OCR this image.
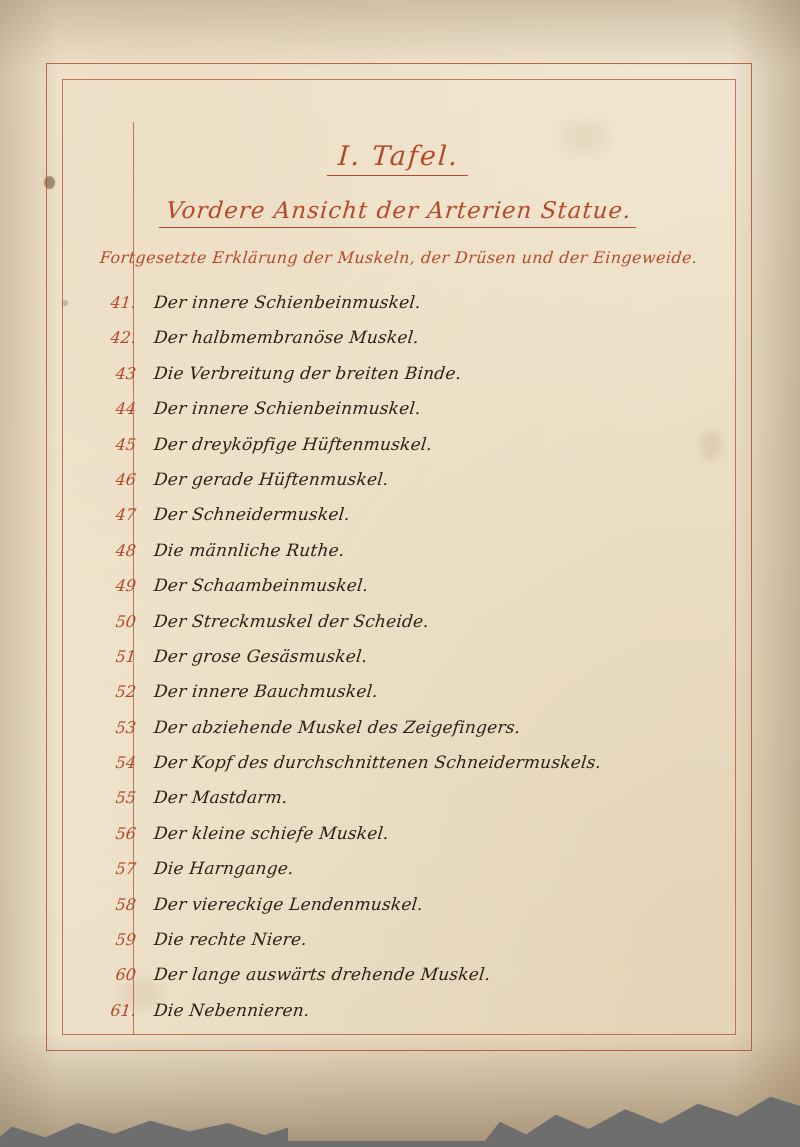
I. Tafel.
Vordere Ansicht der Arterien Statue.
Fortgesetzte Erklärung der Muskeln, der Drüsen und der Eingeweide.
41. Der innere Schienbeinmuskel.
42. Der halbmembranöse Muskel.
43 Die Verbreitung der breiten Binde.
44 Der innere Schienbeinmuskel.
45 Der dreyköpfige Hüftenmuskel.
46 Der gerade Hüftenmuskel.
47 Der Schneidermuskel.
48 Die männliche Ruthe.
49 Der Schaambeinmuskel.
50 Der Streckmuskel der Scheide.
51 Der grose Gesäsmuskel.
52 Der innere Bauchmuskel.
53 Der abziehende Muskel des Zeigefingers.
54 Der Kopf des durchschnittenen Schneidermuskels.
55 Der Mastdarm.
56 Der kleine schiefe Muskel.
57 Die Harngange.
58 Der viereckige Lendenmuskel.
59 Die rechte Niere.
60 Der lange auswärts drehende Muskel.
61. Die Nebennieren.
